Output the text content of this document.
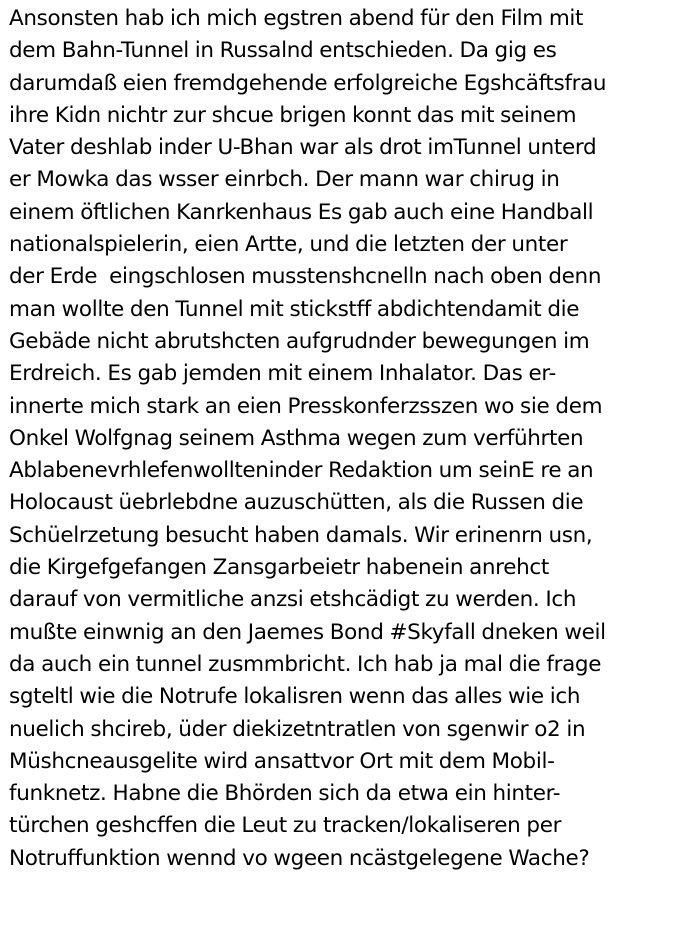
Ansonsten hab ich mich egstren abend für den Film mit
dem Bahn-Tunnel in Russalnd entschieden. Da gig es
darumdaß eien fremdgehende erfolgreiche Egshcäftsfrau
ihre Kidn nichtr zur shcue brigen konnt das mit seinem
Vater deshlab inder U-Bhan war als drot imTunnel unterd
er Mowka das wsser einrbch. Der mann war chirug in
einem öftlichen Kanrkenhaus Es gab auch eine Handball
nationalspielerin, eien Artte, und die letzten der unter
der Erde  eingschlosen musstenshcnelln nach oben denn
man wollte den Tunnel mit stickstff abdichtendamit die
Gebäde nicht abrutshcten aufgrudnder bewegungen im
Erdreich. Es gab jemden mit einem Inhalator. Das er-
innerte mich stark an eien Presskonferzsszen wo sie dem
Onkel Wolfgnag seinem Asthma wegen zum verführten
Ablabenevrhlefenwollteninder Redaktion um seinE re an
Holocaust üebrlebdne auzuschütten, als die Russen die
Schüelrzetung besucht haben damals. Wir erinenrn usn,
die Kirgefgefangen Zansgarbeietr habenein anrehct
darauf von vermitliche anzsi etshcädigt zu werden. Ich
mußte einwnig an den Jaemes Bond #Skyfall dneken weil
da auch ein tunnel zusmmbricht. Ich hab ja mal die frage
sgteltl wie die Notrufe lokalisren wenn das alles wie ich
nuelich shcireb, üder diekizetntratlen von sgenwir o2 in
Müshcneausgelite wird ansattvor Ort mit dem Mobil-
funknetz. Habne die Bhörden sich da etwa ein hinter-
türchen geshcffen die Leut zu tracken/lokaliseren per
Notruffunktion wennd vo wgeen ncästgelegene Wache?
